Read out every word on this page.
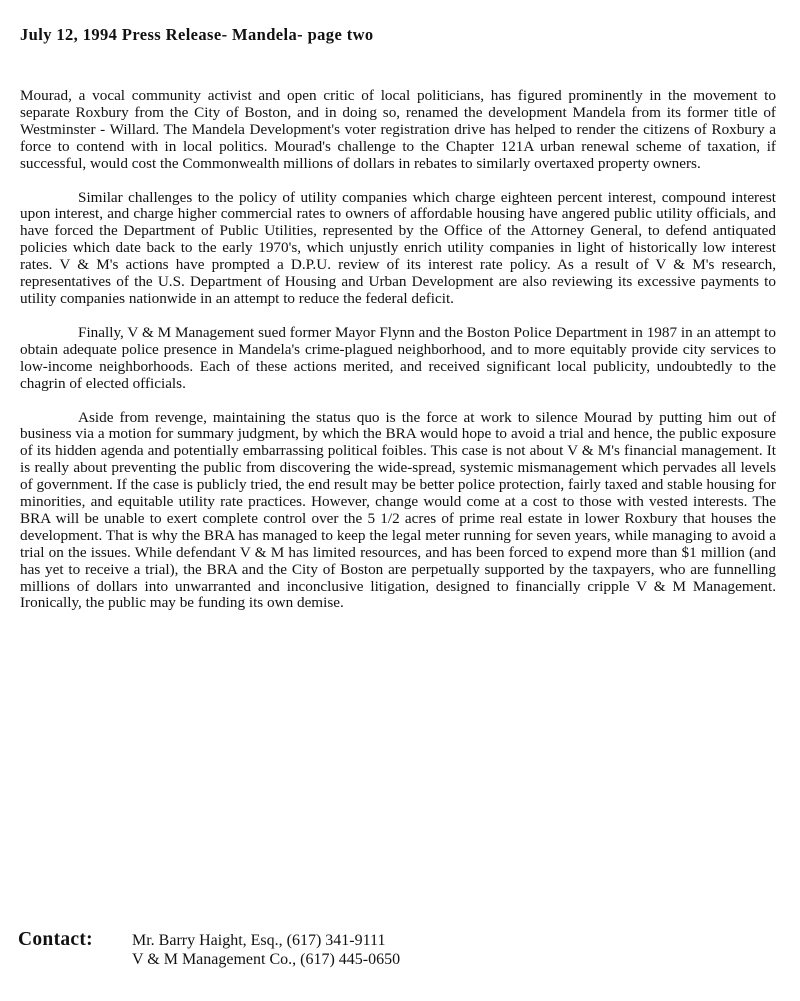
July 12, 1994 Press Release- Mandela- page two

Mourad, a vocal community activist and open critic of local politicians, has figured prominently in the movement to separate Roxbury from the City of Boston, and in doing so, renamed the development Mandela from its former title of Westminster - Willard. The Mandela Development's voter registration drive has helped to render the citizens of Roxbury a force to contend with in local politics. Mourad's challenge to the Chapter 121A urban renewal scheme of taxation, if successful, would cost the Commonwealth millions of dollars in rebates to similarly overtaxed property owners.

Similar challenges to the policy of utility companies which charge eighteen percent interest, compound interest upon interest, and charge higher commercial rates to owners of affordable housing have angered public utility officials, and have forced the Department of Public Utilities, represented by the Office of the Attorney General, to defend antiquated policies which date back to the early 1970's, which unjustly enrich utility companies in light of historically low interest rates. V & M's actions have prompted a D.P.U. review of its interest rate policy. As a result of V & M's research, representatives of the U.S. Department of Housing and Urban Development are also reviewing its excessive payments to utility companies nationwide in an attempt to reduce the federal deficit.

Finally, V & M Management sued former Mayor Flynn and the Boston Police Department in 1987 in an attempt to obtain adequate police presence in Mandela's crime-plagued neighborhood, and to more equitably provide city services to low-income neighborhoods. Each of these actions merited, and received significant local publicity, undoubtedly to the chagrin of elected officials.

Aside from revenge, maintaining the status quo is the force at work to silence Mourad by putting him out of business via a motion for summary judgment, by which the BRA would hope to avoid a trial and hence, the public exposure of its hidden agenda and potentially embarrassing political foibles. This case is not about V & M's financial management. It is really about preventing the public from discovering the wide-spread, systemic mismanagement which pervades all levels of government. If the case is publicly tried, the end result may be better police protection, fairly taxed and stable housing for minorities, and equitable utility rate practices. However, change would come at a cost to those with vested interests. The BRA will be unable to exert complete control over the 5 1/2 acres of prime real estate in lower Roxbury that houses the development. That is why the BRA has managed to keep the legal meter running for seven years, while managing to avoid a trial on the issues. While defendant V & M has limited resources, and has been forced to expend more than $1 million (and has yet to receive a trial), the BRA and the City of Boston are perpetually supported by the taxpayers, who are funnelling millions of dollars into unwarranted and inconclusive litigation, designed to financially cripple V & M Management. Ironically, the public may be funding its own demise.

Contact: Mr. Barry Haight, Esq., (617) 341-9111
V & M Management Co., (617) 445-0650
